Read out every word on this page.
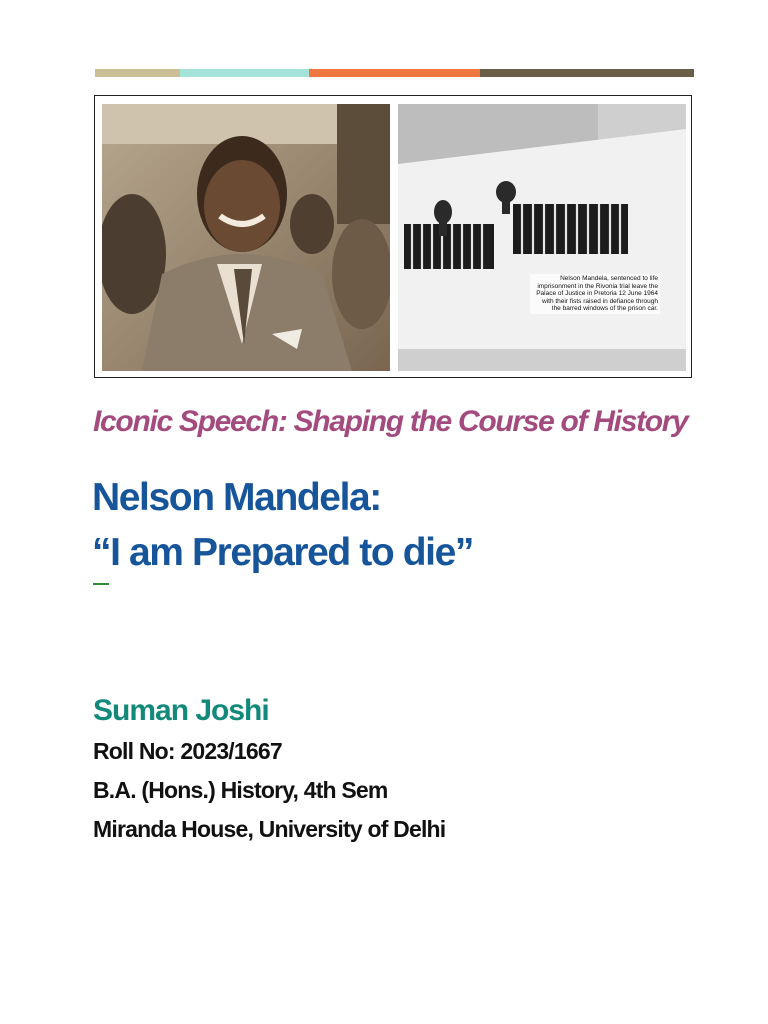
Nelson Mandela, sentenced to life imprisonment in the Rivonia trial leave the Palace of Justice in Pretoria 12 June 1964 with their fists raised in defiance through the barred windows of the prison car.
Iconic Speech: Shaping the Course of History
Nelson Mandela:
“I am Prepared to die”
Suman Joshi
Roll No: 2023/1667
B.A. (Hons.) History, 4th Sem
Miranda House, University of Delhi
